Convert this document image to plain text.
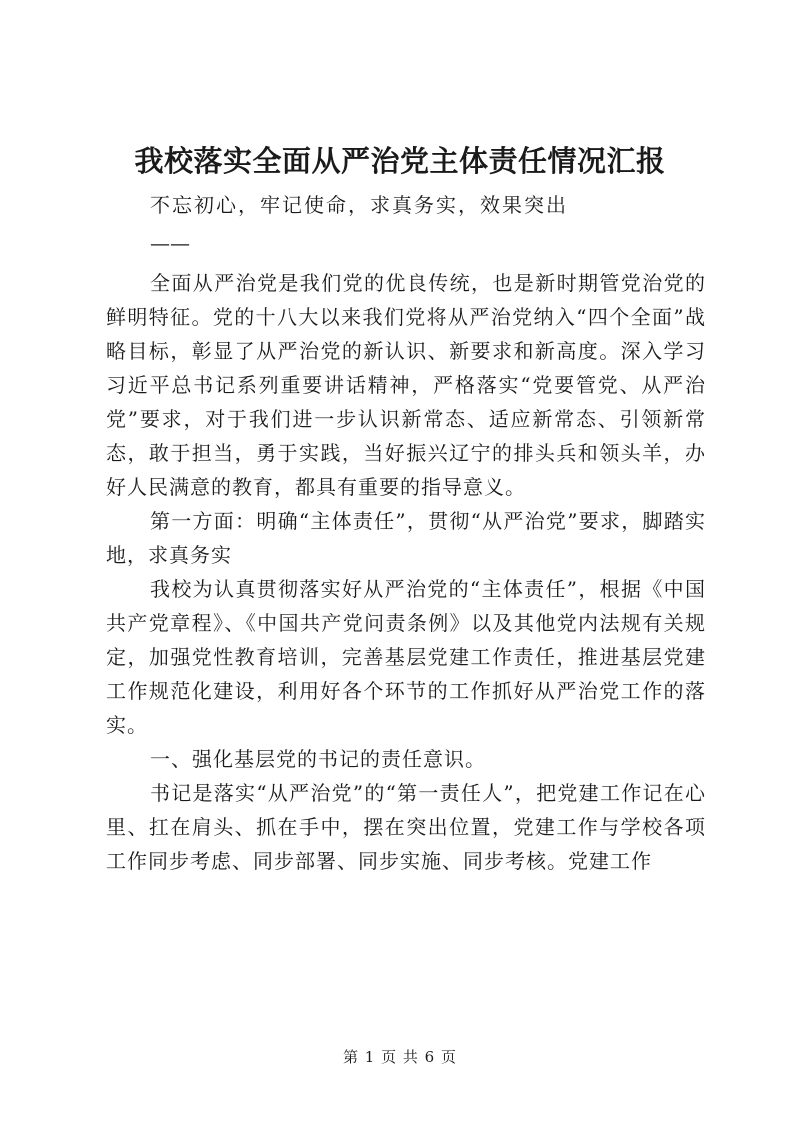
我校落实全面从严治党主体责任情况汇报
不忘初心，牢记使命，求真务实，效果突出
——

全面从严治党是我们党的优良传统，也是新时期管党治党的鲜明特征。党的十八大以来我们党将从严治党纳入“四个全面”战略目标，彰显了从严治党的新认识、新要求和新高度。深入学习习近平总书记系列重要讲话精神，严格落实“党要管党、从严治党”要求，对于我们进一步认识新常态、适应新常态、引领新常态，敢于担当，勇于实践，当好振兴辽宁的排头兵和领头羊，办好人民满意的教育，都具有重要的指导意义。

第一方面：明确“主体责任”，贯彻“从严治党”要求，脚踏实地，求真务实

我校为认真贯彻落实好从严治党的“主体责任”，根据《中国共产党章程》、《中国共产党问责条例》以及其他党内法规有关规定，加强党性教育培训，完善基层党建工作责任，推进基层党建工作规范化建设，利用好各个环节的工作抓好从严治党工作的落实。

一、强化基层党的书记的责任意识。

书记是落实“从严治党”的“第一责任人”，把党建工作记在心里、扛在肩头、抓在手中，摆在突出位置，党建工作与学校各项工作同步考虑、同步部署、同步实施、同步考核。党建工作

第 1 页 共 6 页
